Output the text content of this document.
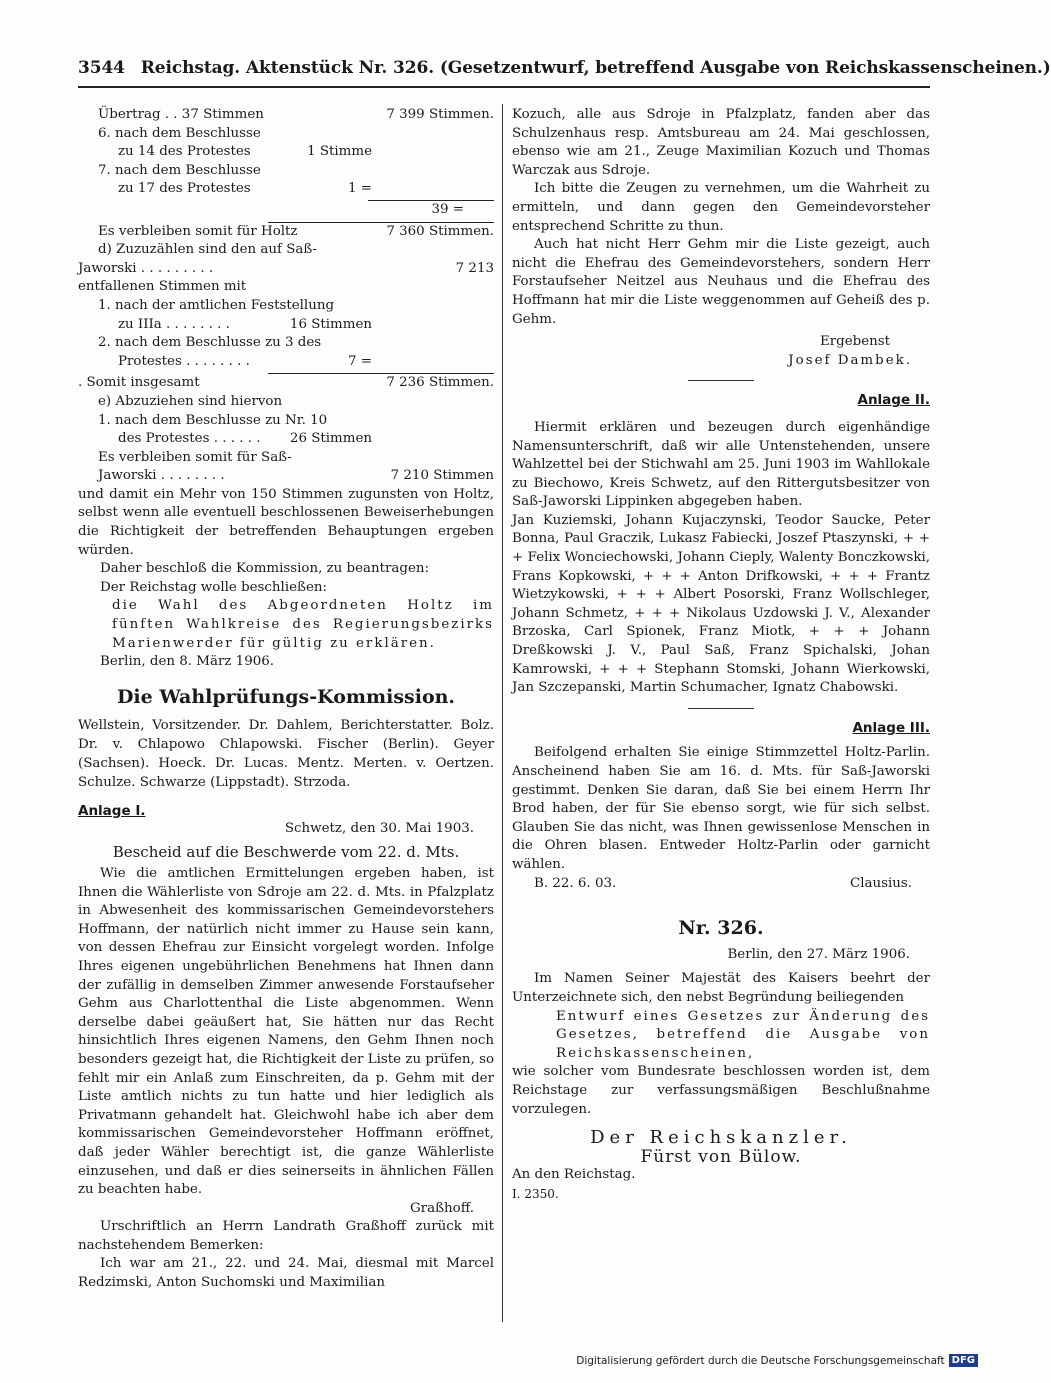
3544 Reichstag. Aktenstück Nr. 326. (Gesetzentwurf, betreffend Ausgabe von Reichskassenscheinen.)
Übertrag . . 37 Stimmen	7 399 Stimmen.
6. nach dem Beschlusse
zu 14 des Protestes	1 Stimme
7. nach dem Beschlusse
zu 17 des Protestes	1 =
39 =
Es verbleiben somit für Holtz	7 360 Stimmen.
d) Zuzuzählen sind den auf Saß-
Jaworski . . . . . . . . .	7 213
entfallenen Stimmen mit
1. nach der amtlichen Feststellung
zu IIIa . . . . . . . .	16 Stimmen
2. nach dem Beschlusse zu 3 des
Protestes . . . . . . . .	7 =
. Somit insgesamt	7 236 Stimmen.
e) Abzuziehen sind hiervon
1. nach dem Beschlusse zu Nr. 10
des Protestes . . . . . .	26 Stimmen
Es verbleiben somit für Saß-
Jaworski . . . . . . . .	7 210 Stimmen

und damit ein Mehr von 150 Stimmen zugunsten von Holtz, selbst wenn alle eventuell beschlossenen Beweiserhebungen die Richtigkeit der betreffenden Behauptungen ergeben würden.

Daher beschloß die Kommission, zu beantragen:

Der Reichstag wolle beschließen:

die Wahl des Abgeordneten Holtz im fünften Wahlkreise des Regierungsbezirks Marienwerder für gültig zu erklären.

Berlin, den 8. März 1906.

Die Wahlprüfungs-Kommission.

Wellstein, Vorsitzender. Dr. Dahlem, Berichterstatter. Bolz. Dr. v. Chlapowo Chlapowski. Fischer (Berlin). Geyer (Sachsen). Hoeck. Dr. Lucas. Mentz. Merten. v. Oertzen. Schulze. Schwarze (Lippstadt). Strzoda.

Anlage I.

Schwetz, den 30. Mai 1903.

Bescheid auf die Beschwerde vom 22. d. Mts.

Wie die amtlichen Ermittelungen ergeben haben, ist Ihnen die Wählerliste von Sdroje am 22. d. Mts. in Pfalzplatz in Abwesenheit des kommissarischen Gemeindevorstehers Hoffmann, der natürlich nicht immer zu Hause sein kann, von dessen Ehefrau zur Einsicht vorgelegt worden. Infolge Ihres eigenen ungebührlichen Benehmens hat Ihnen dann der zufällig in demselben Zimmer anwesende Forstaufseher Gehm aus Charlottenthal die Liste abgenommen. Wenn derselbe dabei geäußert hat, Sie hätten nur das Recht hinsichtlich Ihres eigenen Namens, den Gehm Ihnen noch besonders gezeigt hat, die Richtigkeit der Liste zu prüfen, so fehlt mir ein Anlaß zum Einschreiten, da p. Gehm mit der Liste amtlich nichts zu tun hatte und hier lediglich als Privatmann gehandelt hat. Gleichwohl habe ich aber dem kommissarischen Gemeindevorsteher Hoffmann eröffnet, daß jeder Wähler berechtigt ist, die ganze Wählerliste einzusehen, und daß er dies seinerseits in ähnlichen Fällen zu beachten habe.

Graßhoff.

Urschriftlich an Herrn Landrath Graßhoff zurück mit nachstehendem Bemerken:

Ich war am 21., 22. und 24. Mai, diesmal mit Marcel Redzimski, Anton Suchomski und Maximilian

Kozuch, alle aus Sdroje in Pfalzplatz, fanden aber das Schulzenhaus resp. Amtsbureau am 24. Mai geschlossen, ebenso wie am 21., Zeuge Maximilian Kozuch und Thomas Warczak aus Sdroje.

Ich bitte die Zeugen zu vernehmen, um die Wahrheit zu ermitteln, und dann gegen den Gemeindevorsteher entsprechend Schritte zu thun.

Auch hat nicht Herr Gehm mir die Liste gezeigt, auch nicht die Ehefrau des Gemeindevorstehers, sondern Herr Forstaufseher Neitzel aus Neuhaus und die Ehefrau des Hoffmann hat mir die Liste weggenommen auf Geheiß des p. Gehm.

Ergebenst

Josef Dambek.

Anlage II.

Hiermit erklären und bezeugen durch eigenhändige Namensunterschrift, daß wir alle Untenstehenden, unsere Wahlzettel bei der Stichwahl am 25. Juni 1903 im Wahllokale zu Biechowo, Kreis Schwetz, auf den Rittergutsbesitzer von Saß-Jaworski Lippinken abgegeben haben.

Jan Kuziemski, Johann Kujaczynski, Teodor Saucke, Peter Bonna, Paul Graczik, Lukasz Fabiecki, Joszef Ptaszynski, + + + Felix Wonciechowski, Johann Cieply, Walenty Bonczkowski, Frans Kopkowski, + + + Anton Drifkowski, + + + Frantz Wietzykowski, + + + Albert Posorski, Franz Wollschleger, Johann Schmetz, + + + Nikolaus Uzdowski J. V., Alexander Brzoska, Carl Spionek, Franz Miotk, + + + Johann Dreßkowski J. V., Paul Saß, Franz Spichalski, Johan Kamrowski, + + + Stephann Stomski, Johann Wierkowski, Jan Szczepanski, Martin Schumacher, Ignatz Chabowski.

Anlage III.

Beifolgend erhalten Sie einige Stimmzettel Holtz-Parlin. Anscheinend haben Sie am 16. d. Mts. für Saß-Jaworski gestimmt. Denken Sie daran, daß Sie bei einem Herrn Ihr Brod haben, der für Sie ebenso sorgt, wie für sich selbst. Glauben Sie das nicht, was Ihnen gewissenlose Menschen in die Ohren blasen. Entweder Holtz-Parlin oder garnicht wählen.

B. 22. 6. 03.	Clausius.
Nr. 326.

Berlin, den 27. März 1906.

Im Namen Seiner Majestät des Kaisers beehrt der Unterzeichnete sich, den nebst Begründung beiliegenden

Entwurf eines Gesetzes zur Änderung des Gesetzes, betreffend die Ausgabe von Reichskassenscheinen,

wie solcher vom Bundesrate beschlossen worden ist, dem Reichstage zur verfassungsmäßigen Beschlußnahme vorzulegen.

Der Reichskanzler.
Fürst von Bülow.

An den Reichstag.

I. 2350.

Digitalisierung gefördert durch die Deutsche Forschungsgemeinschaft DFG
